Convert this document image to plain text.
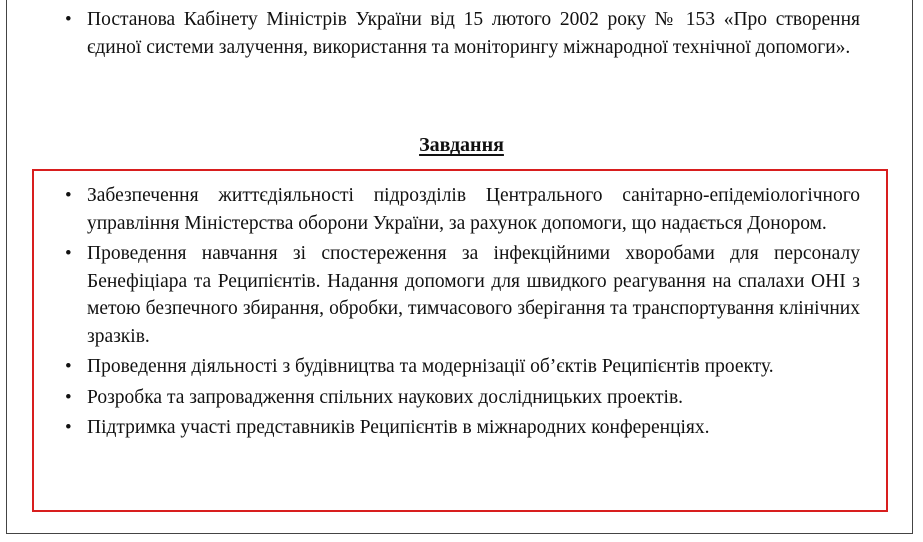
• Постанова Кабінету Міністрів України від 15 лютого 2002 року № 153 «Про створення єдиної системи залучення, використання та моніторингу міжнародної технічної допомоги».
Завдання
• Забезпечення життєдіяльності підрозділів Центрального санітарно-епідеміологічного управління Міністерства оборони України, за рахунок допомоги, що надається Донором.
• Проведення навчання зі спостереження за інфекційними хворобами для персоналу Бенефіціара та Реципієнтів. Надання допомоги для швидкого реагування на спалахи ОНІ з метою безпечного збирання, обробки, тимчасового зберігання та транспортування клінічних зразків.
• Проведення діяльності з будівництва та модернізації об’єктів Реципієнтів проекту.
• Розробка та запровадження спільних наукових дослідницьких проектів.
• Підтримка участі представників Реципієнтів в міжнародних конференціях.
